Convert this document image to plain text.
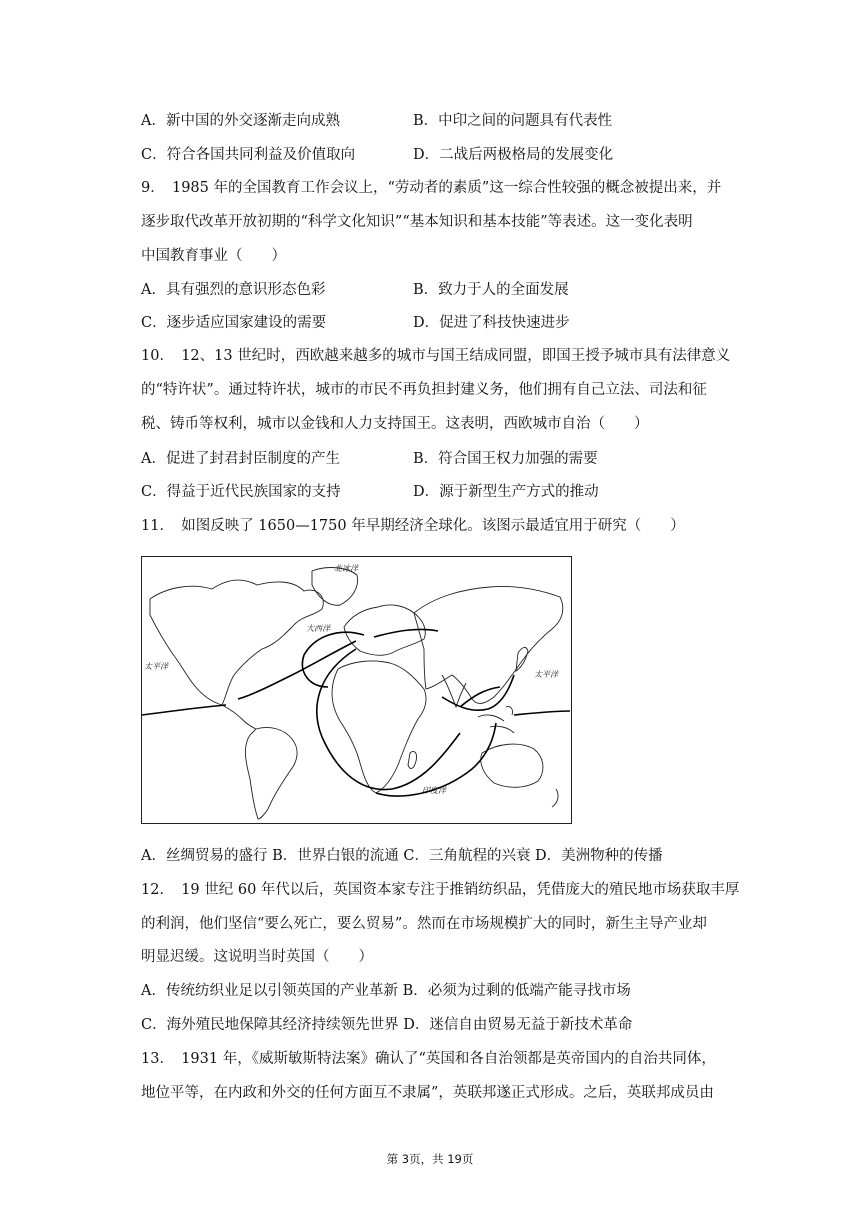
A．新中国的外交逐渐走向成熟	B．中印之间的问题具有代表性
C．符合各国共同利益及价值取向	D．二战后两极格局的发展变化
9．　1985 年的全国教育工作会议上，“劳动者的素质”这一综合性较强的概念被提出来，并
逐步取代改革开放初期的“科学文化知识”“基本知识和基本技能”等表述。这一变化表明
中国教育事业（　　）
A．具有强烈的意识形态色彩	B．致力于人的全面发展
C．逐步适应国家建设的需要	D．促进了科技快速进步
10．　12、13 世纪时，西欧越来越多的城市与国王结成同盟，即国王授予城市具有法律意义
的“特许状”。通过特许状，城市的市民不再负担封建义务，他们拥有自己立法、司法和征
税、铸币等权利，城市以金钱和人力支持国王。这表明，西欧城市自治（　　）
A．促进了封君封臣制度的产生	B．符合国王权力加强的需要
C．得益于近代民族国家的支持	D．源于新型生产方式的推动
11．　如图反映了 1650—1750 年早期经济全球化。该图示最适宜用于研究（　　）
北冰洋
大西洋
太平洋
太平洋
印度洋
A．丝绸贸易的盛行 B．世界白银的流通 C．三角航程的兴衰 D．美洲物种的传播
12．　19 世纪 60 年代以后，英国资本家专注于推销纺织品，凭借庞大的殖民地市场获取丰厚
的利润，他们坚信“要么死亡，要么贸易”。然而在市场规模扩大的同时，新生主导产业却
明显迟缓。这说明当时英国（　　）
A．传统纺织业足以引领英国的产业革新 B．必须为过剩的低端产能寻找市场
C．海外殖民地保障其经济持续领先世界 D．迷信自由贸易无益于新技术革命
13．　1931 年，《威斯敏斯特法案》确认了“英国和各自治领都是英帝国内的自治共同体，
地位平等，在内政和外交的任何方面互不隶属”，英联邦遂正式形成。之后，英联邦成员由
第 3页，共 19页
